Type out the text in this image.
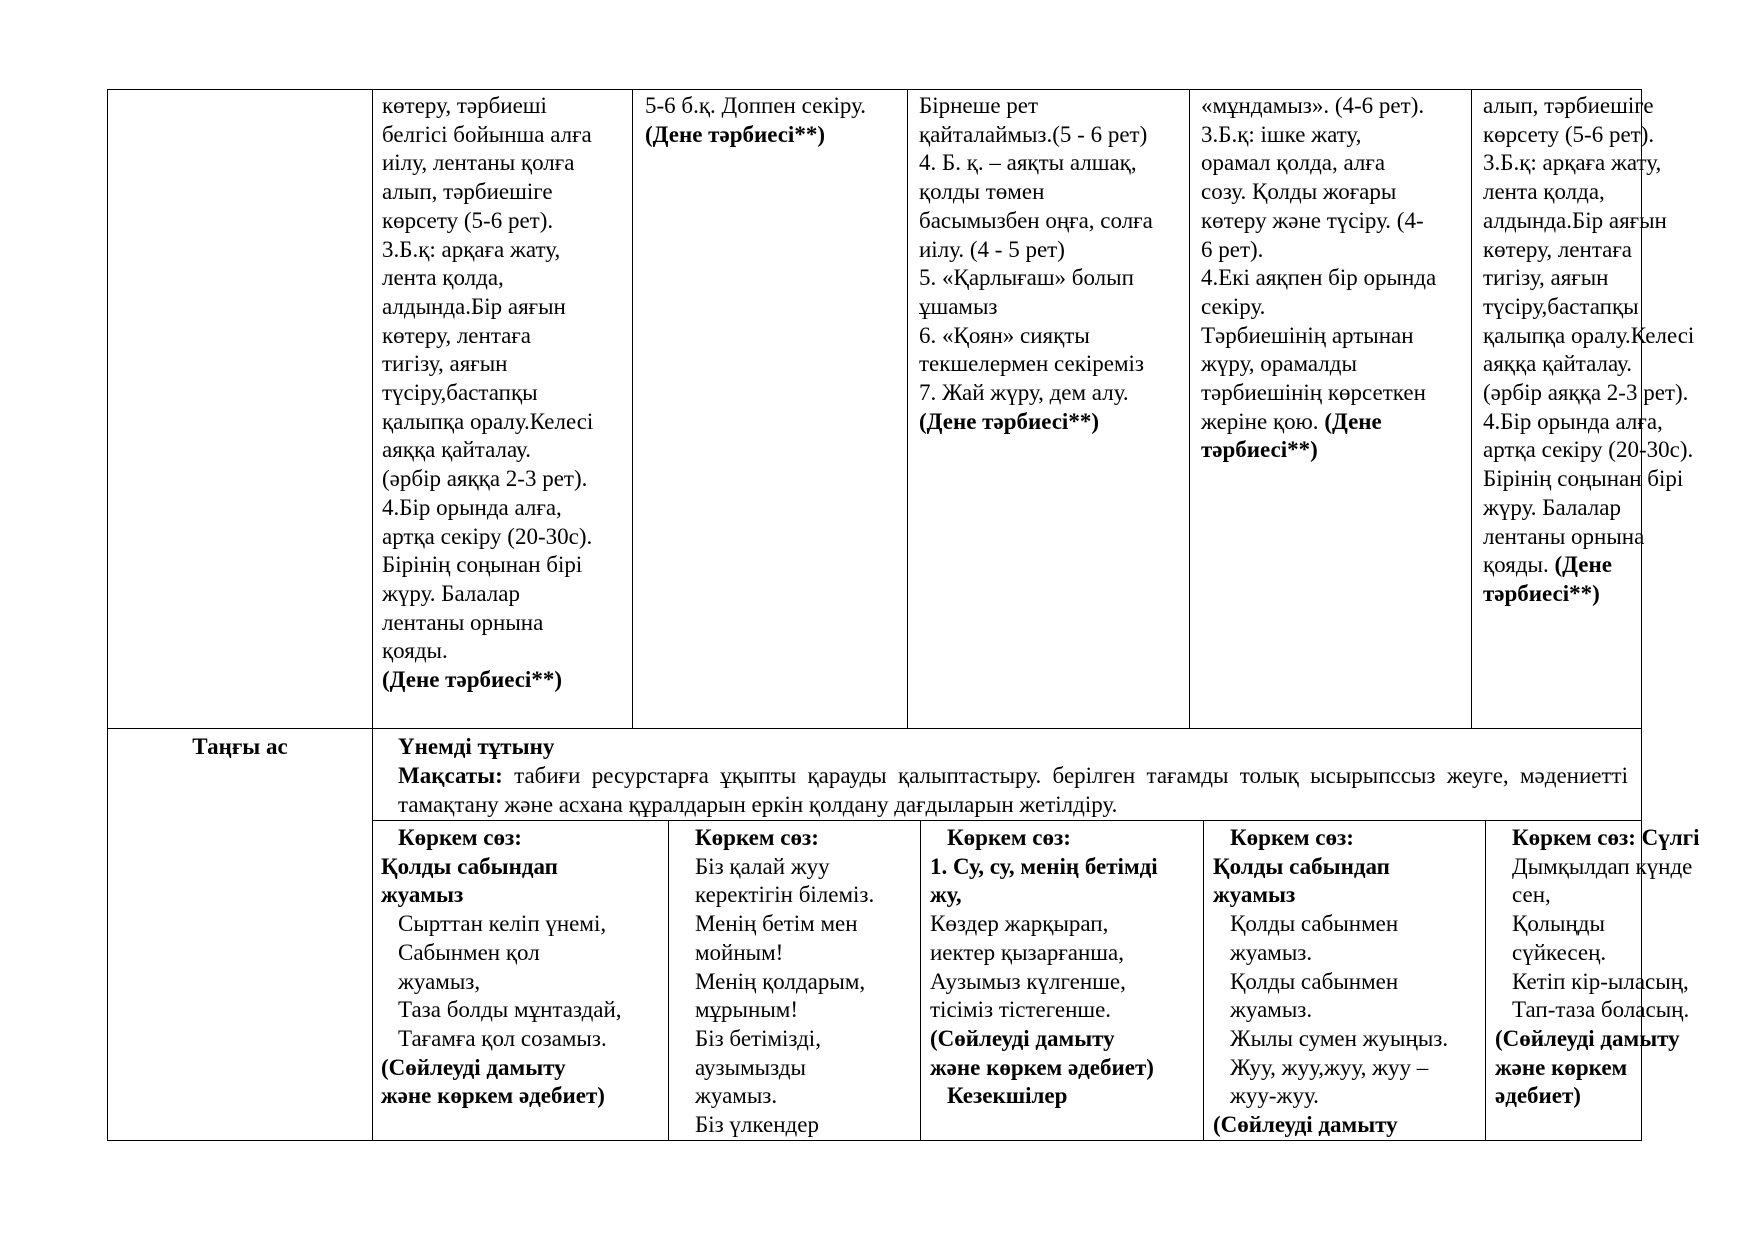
көтеру, тәрбиеші
белгісі бойынша алға
иілу, лентаны қолға
алып, тәрбиешіге
көрсету (5-6 рет).
3.Б.қ: арқаға жату,
лента қолда,
алдында.Бір аяғын
көтеру, лентаға
тигізу, аяғын
түсіру,бастапқы
қалыпқа оралу.Келесі
аяққа қайталау.
(әрбір аяққа 2-3 рет).
4.Бір орында алға,
артқа секіру (20-30с).
Бірінің соңынан бірі
жүру. Балалар
лентаны орнына
қояды.
(Дене тәрбиесі**)
5-6 б.қ. Доппен секіру.
(Дене тәрбиесі**)
Бірнеше рет
қайталаймыз.(5 - 6 рет)
4. Б. қ. – аяқты алшақ,
қолды төмен
басымызбен оңға, солға
иілу. (4 - 5 рет)
5. «Қарлығаш» болып
ұшамыз
6. «Қоян» сияқты
текшелермен секіреміз
7. Жай жүру, дем алу.
(Дене тәрбиесі**)
«мұндамыз». (4-6 рет).
3.Б.қ: ішке жату,
орамал қолда, алға
созу. Қолды жоғары
көтеру және түсіру. (4-
6 рет).
4.Екі аяқпен бір орында
секіру.
Тәрбиешінің артынан
жүру, орамалды
тәрбиешінің көрсеткен
жеріне қою. (Дене
тәрбиесі**)
алып, тәрбиешіге
көрсету (5-6 рет).
3.Б.қ: арқаға жату,
лента қолда,
алдында.Бір аяғын
көтеру, лентаға
тигізу, аяғын
түсіру,бастапқы
қалыпқа оралу.Келесі
аяққа қайталау.
(әрбір аяққа 2-3 рет).
4.Бір орында алға,
артқа секіру (20-30с).
Бірінің соңынан бірі
жүру. Балалар
лентаны орнына
қояды. (Дене
тәрбиесі**)
Таңғы ас	Үнемді тұтыну
Мақсаты: табиғи ресурстарға ұқыпты қарауды қалыптастыру. берілген тағамды толық ысырыпссыз жеуге, мәдениетті тамақтану және асхана құралдарын еркін қолдану дағдыларын жетілдіру.
Көркем сөз:
Қолды сабындап
жуамыз
Сырттан келіп үнемі,
Сабынмен қол
жуамыз,
Таза болды мұнтаздай,
Тағамға қол созамыз.
(Сөйлеуді дамыту
және көркем әдебиет)
Көркем сөз:
Біз қалай жуу
керектігін білеміз.
Менің бетім мен
мойным!
Менің қолдарым,
мұрыным!
Біз бетімізді,
аузымызды
жуамыз.
Біз үлкендер
Көркем сөз:
1. Су, су, менің бетімді
жу,
Көздер жарқырап,
иектер қызарғанша,
Аузымыз күлгенше,
тісіміз тістегенше.
(Сөйлеуді дамыту
және көркем әдебиет)
Кезекшілер
Көркем сөз:
Қолды сабындап
жуамыз
Қолды сабынмен
жуамыз.
Қолды сабынмен
жуамыз.
Жылы сумен жуыңыз.
Жуу, жуу,жуу, жуу –
жуу-жуу.
(Сөйлеуді дамыту
Көркем сөз: Сүлгі
Дымқылдап күнде
сен,
Қолыңды
сүйкесең.
Кетіп кір-ыласың,
Тап-таза боласың.
(Сөйлеуді дамыту
және көркем
әдебиет)
